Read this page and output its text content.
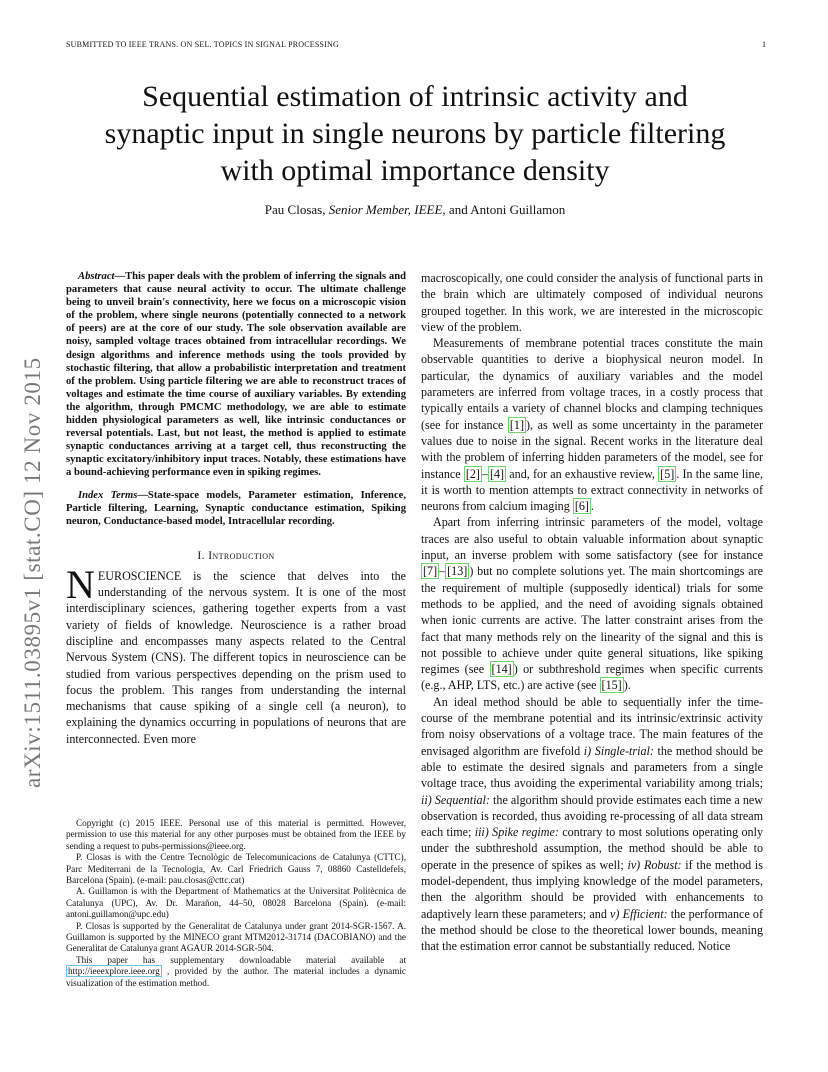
SUBMITTED TO IEEE TRANS. ON SEL. TOPICS IN SIGNAL PROCESSING	1
Sequential estimation of intrinsic activity and
synaptic input in single neurons by particle filtering
with optimal importance density
Pau Closas, Senior Member, IEEE, and Antoni Guillamon
arXiv:1511.03895v1 [stat.CO] 12 Nov 2015

Abstract—This paper deals with the problem of inferring the signals and parameters that cause neural activity to occur. The ultimate challenge being to unveil brain's connectivity, here we focus on a microscopic vision of the problem, where single neurons (potentially connected to a network of peers) are at the core of our study. The sole observation available are noisy, sampled voltage traces obtained from intracellular recordings. We design algorithms and inference methods using the tools provided by stochastic filtering, that allow a probabilistic interpretation and treatment of the problem. Using particle filtering we are able to reconstruct traces of voltages and estimate the time course of auxiliary variables. By extending the algorithm, through PMCMC methodology, we are able to estimate hidden physiological parameters as well, like intrinsic conductances or reversal potentials. Last, but not least, the method is applied to estimate synaptic conductances arriving at a target cell, thus reconstructing the synaptic excitatory/inhibitory input traces. Notably, these estimations have a bound-achieving performance even in spiking regimes.

Index Terms—State-space models, Parameter estimation, Inference, Particle filtering, Learning, Synaptic conductance estimation, Spiking neuron, Conductance-based model, Intracellular recording.

I. Introduction

NEUROSCIENCE is the science that delves into the understanding of the nervous system. It is one of the most interdisciplinary sciences, gathering together experts from a vast variety of fields of knowledge. Neuroscience is a rather broad discipline and encompasses many aspects related to the Central Nervous System (CNS). The different topics in neuroscience can be studied from various perspectives depending on the prism used to focus the problem. This ranges from understanding the internal mechanisms that cause spiking of a single cell (a neuron), to explaining the dynamics occurring in populations of neurons that are interconnected. Even more

Copyright (c) 2015 IEEE. Personal use of this material is permitted. However, permission to use this material for any other purposes must be obtained from the IEEE by sending a request to pubs-permissions@ieee.org.

P. Closas is with the Centre Tecnològic de Telecomunicacions de Catalunya (CTTC), Parc Mediterrani de la Tecnologia, Av. Carl Friedrich Gauss 7, 08860 Castelldefels, Barcelona (Spain). (e-mail: pau.closas@cttc.cat)

A. Guillamon is with the Department of Mathematics at the Universitat Politècnica de Catalunya (UPC), Av. Dr. Marañon, 44–50, 08028 Barcelona (Spain). (e-mail: antoni.guillamon@upc.edu)

P. Closas is supported by the Generalitat de Catalunya under grant 2014-SGR-1567. A. Guillamon is supported by the MINECO grant MTM2012-31714 (DACOBIANO) and the Generalitat de Catalunya grant AGAUR 2014-SGR-504.

This paper has supplementary downloadable material available at http://ieeexplore.ieee.org , provided by the author. The material includes a dynamic visualization of the estimation method.

macroscopically, one could consider the analysis of functional parts in the brain which are ultimately composed of individual neurons grouped together. In this work, we are interested in the microscopic view of the problem.

Measurements of membrane potential traces constitute the main observable quantities to derive a biophysical neuron model. In particular, the dynamics of auxiliary variables and the model parameters are inferred from voltage traces, in a costly process that typically entails a variety of channel blocks and clamping techniques (see for instance [1] ), as well as some uncertainty in the parameter values due to noise in the signal. Recent works in the literature deal with the problem of inferring hidden parameters of the model, see for instance [2] – [4] and, for an exhaustive review, [5] . In the same line, it is worth to mention attempts to extract connectivity in networks of neurons from calcium imaging [6] .

Apart from inferring intrinsic parameters of the model, voltage traces are also useful to obtain valuable information about synaptic input, an inverse problem with some satisfactory (see for instance [7] – [13] ) but no complete solutions yet. The main shortcomings are the requirement of multiple (supposedly identical) trials for some methods to be applied, and the need of avoiding signals obtained when ionic currents are active. The latter constraint arises from the fact that many methods rely on the linearity of the signal and this is not possible to achieve under quite general situations, like spiking regimes (see [14] ) or subthreshold regimes when specific currents (e.g., AHP, LTS, etc.) are active (see [15] ).

An ideal method should be able to sequentially infer the time-course of the membrane potential and its intrinsic/extrinsic activity from noisy observations of a voltage trace. The main features of the envisaged algorithm are fivefold i) Single-trial: the method should be able to estimate the desired signals and parameters from a single voltage trace, thus avoiding the experimental variability among trials; ii) Sequential: the algorithm should provide estimates each time a new observation is recorded, thus avoiding re-processing of all data stream each time; iii) Spike regime: contrary to most solutions operating only under the subthreshold assumption, the method should be able to operate in the presence of spikes as well; iv) Robust: if the method is model-dependent, thus implying knowledge of the model parameters, then the algorithm should be provided with enhancements to adaptively learn these parameters; and v) Efficient: the performance of the method should be close to the theoretical lower bounds, meaning that the estimation error cannot be substantially reduced. Notice
